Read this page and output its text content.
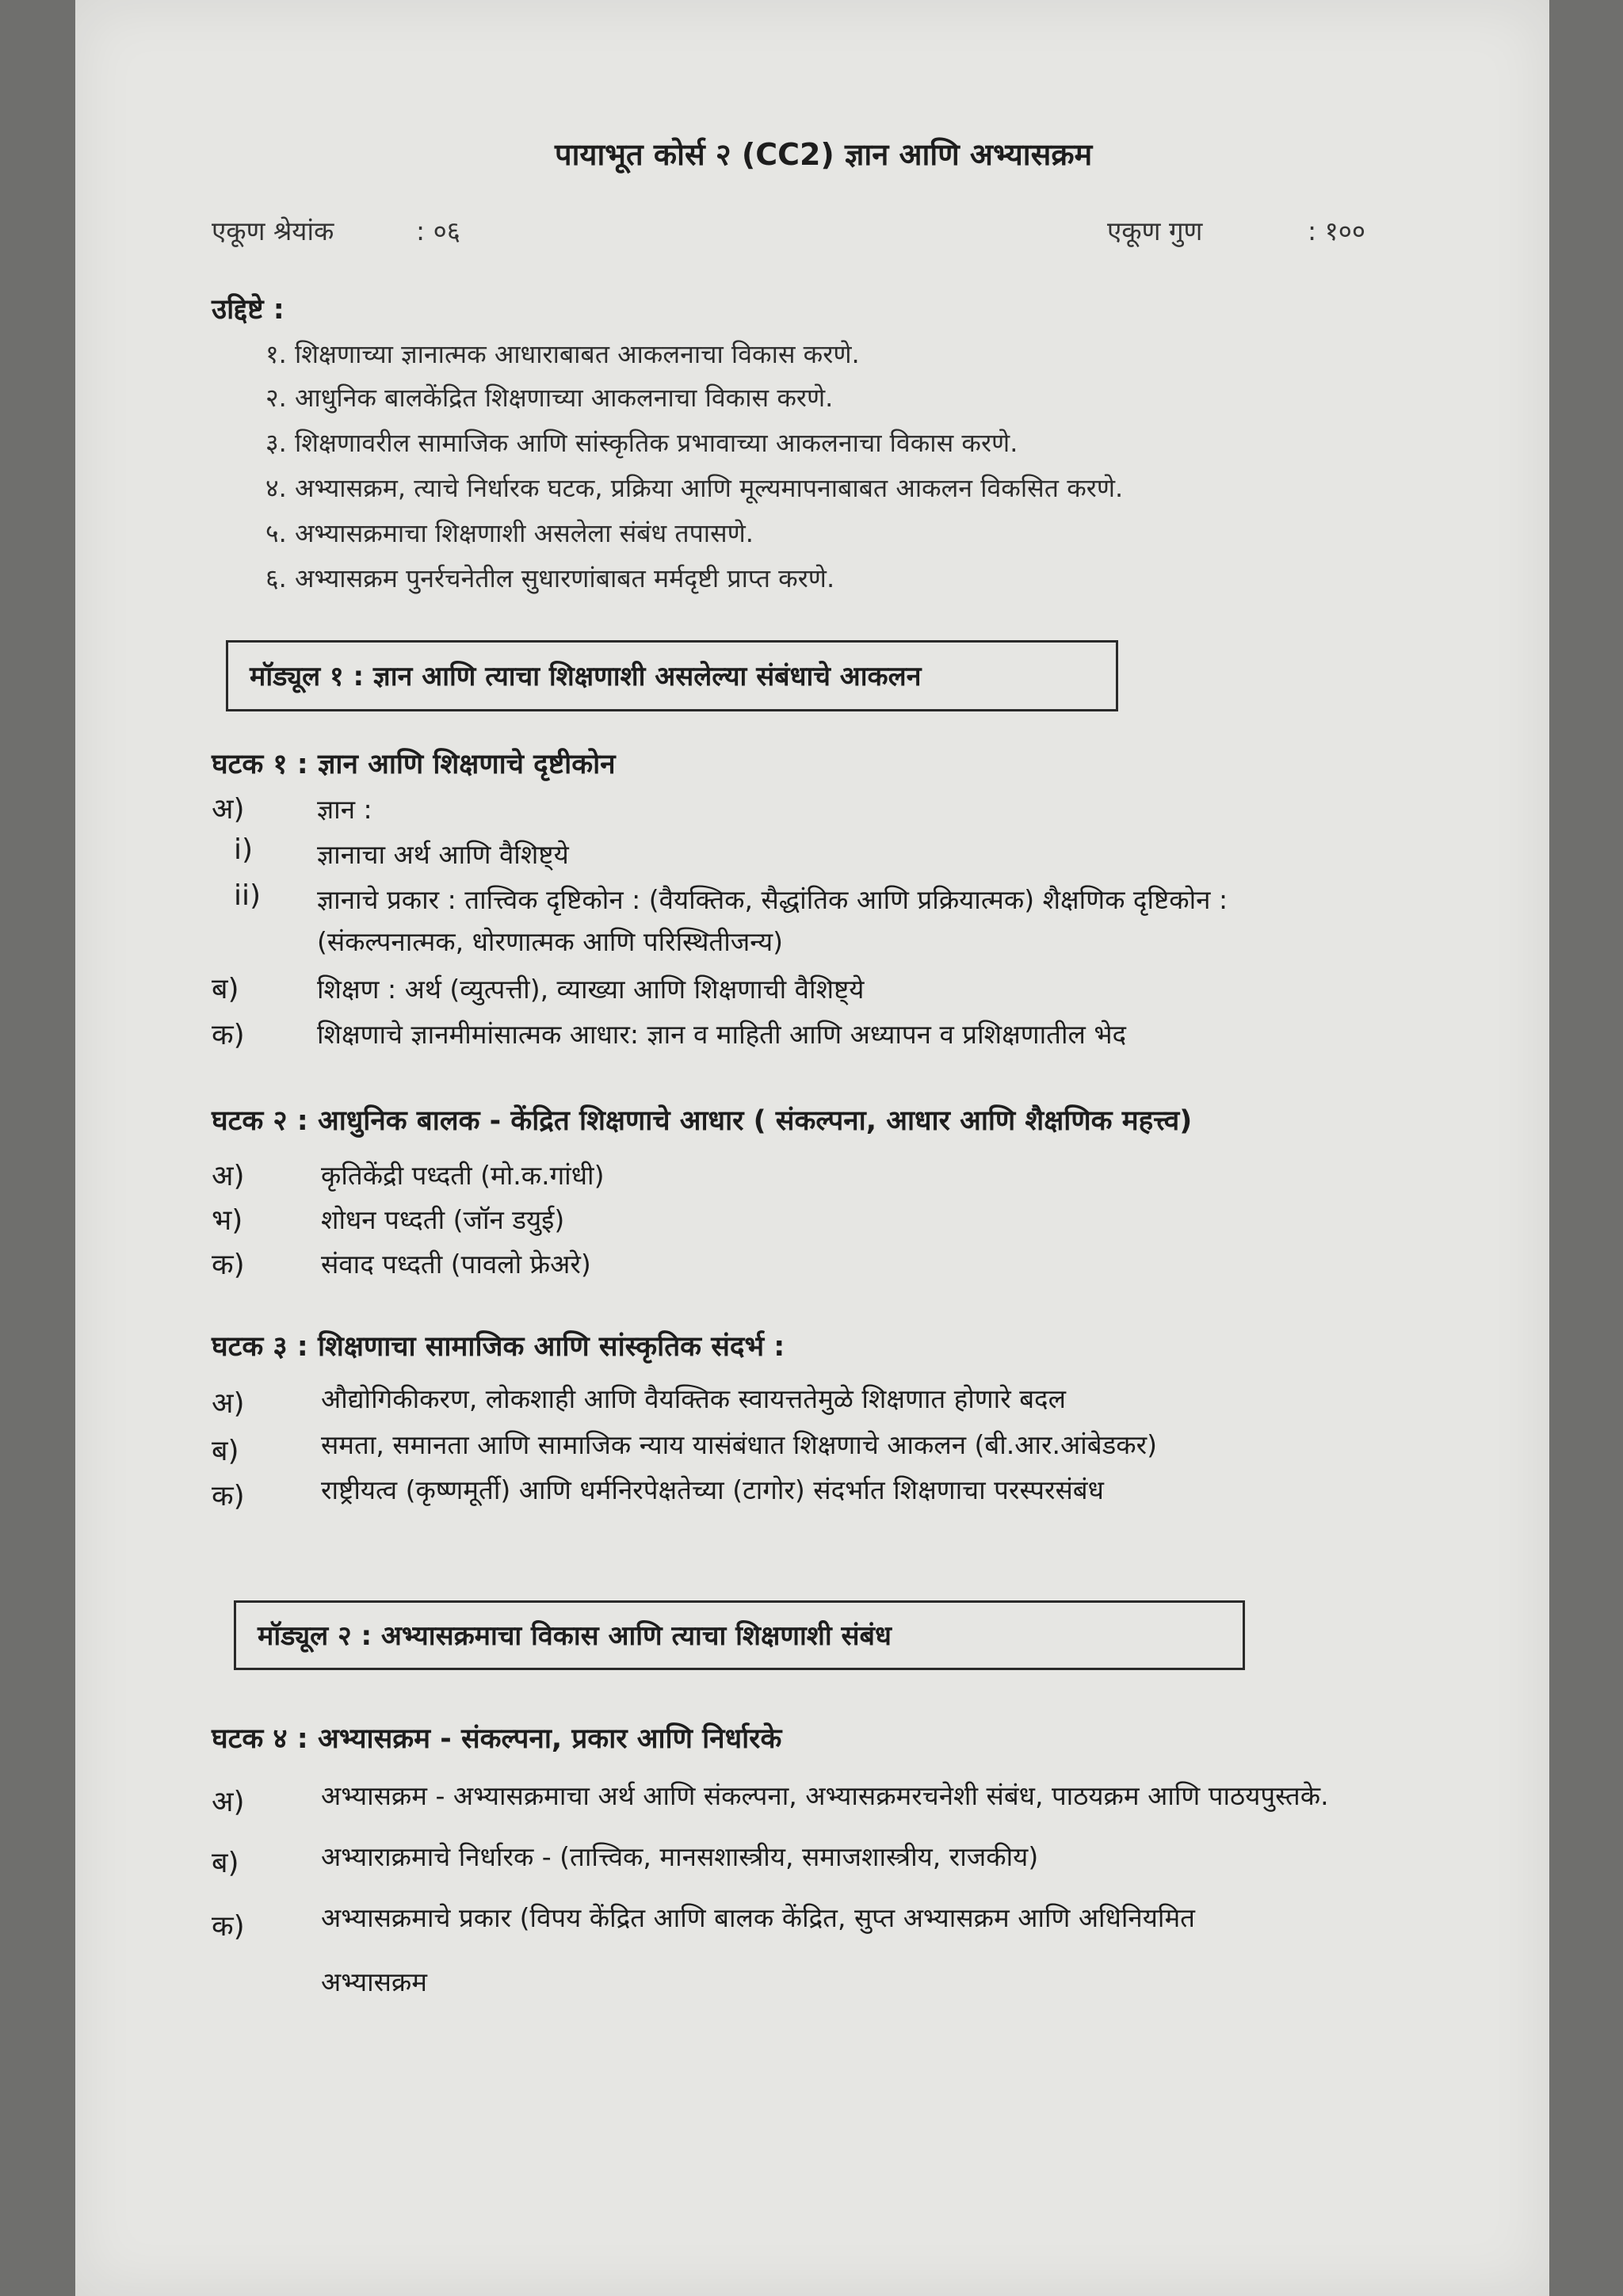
पायाभूत कोर्स २ (CC2) ज्ञान आणि अभ्यासक्रम
एकूण श्रेयांक	: ०६	एकूण गुण	: १००
उद्दिष्टे :
१. शिक्षणाच्या ज्ञानात्मक आधाराबाबत आकलनाचा विकास करणे.
२. आधुनिक बालकेंद्रित शिक्षणाच्या आकलनाचा विकास करणे.
३. शिक्षणावरील सामाजिक आणि सांस्कृतिक प्रभावाच्या आकलनाचा विकास करणे.
४. अभ्यासक्रम, त्याचे निर्धारक घटक, प्रक्रिया आणि मूल्यमापनाबाबत आकलन विकसित करणे.
५. अभ्यासक्रमाचा शिक्षणाशी असलेला संबंध तपासणे.
६. अभ्यासक्रम पुनर्रचनेतील सुधारणांबाबत मर्मदृष्टी प्राप्त करणे.
मॉड्यूल १ : ज्ञान आणि त्याचा शिक्षणाशी असलेल्या संबंधाचे आकलन
घटक १ : ज्ञान आणि शिक्षणाचे दृष्टीकोन
अ)	ज्ञान :
i) ज्ञानाचा अर्थ आणि वैशिष्ट्ये
ii) ज्ञानाचे प्रकार : तात्त्विक दृष्टिकोन : (वैयक्तिक, सैद्धांतिक आणि प्रक्रियात्मक) शैक्षणिक दृष्टिकोन :
(संकल्पनात्मक, धोरणात्मक आणि परिस्थितीजन्य)
ब)	शिक्षण : अर्थ (व्युत्पत्ती), व्याख्या आणि शिक्षणाची वैशिष्ट्ये
क)	शिक्षणाचे ज्ञानमीमांसात्मक आधार: ज्ञान व माहिती आणि अध्यापन व प्रशिक्षणातील भेद
घटक २ : आधुनिक बालक - केंद्रित शिक्षणाचे आधार ( संकल्पना, आधार आणि शैक्षणिक महत्त्व)
अ)	कृतिकेंद्री पध्दती (मो.क.गांधी)
भ)	शोधन पध्दती (जॉन डयुई)
क)	संवाद पध्दती (पावलो फ्रेअरे)
घटक ३ : शिक्षणाचा सामाजिक आणि सांस्कृतिक संदर्भ :
अ)	औद्योगिकीकरण, लोकशाही आणि वैयक्तिक स्वायत्ततेमुळे शिक्षणात होणारे बदल
ब)	समता, समानता आणि सामाजिक न्याय यासंबंधात शिक्षणाचे आकलन (बी.आर.आंबेडकर)
क)	राष्ट्रीयत्व (कृष्णमूर्ती) आणि धर्मनिरपेक्षतेच्या (टागोर) संदर्भात शिक्षणाचा परस्परसंबंध
मॉड्यूल २ : अभ्यासक्रमाचा विकास आणि त्याचा शिक्षणाशी संबंध
घटक ४ : अभ्यासक्रम - संकल्पना, प्रकार आणि निर्धारके
अ)	अभ्यासक्रम - अभ्यासक्रमाचा अर्थ आणि संकल्पना, अभ्यासक्रमरचनेशी संबंध, पाठयक्रम आणि पाठयपुस्तके.
ब)	अभ्याराक्रमाचे निर्धारक - (तात्त्विक, मानसशास्त्रीय, समाजशास्त्रीय, राजकीय)
क)	अभ्यासक्रमाचे प्रकार (विपय केंद्रित आणि बालक केंद्रित, सुप्त अभ्यासक्रम आणि अधिनियमित
अभ्यासक्रम
